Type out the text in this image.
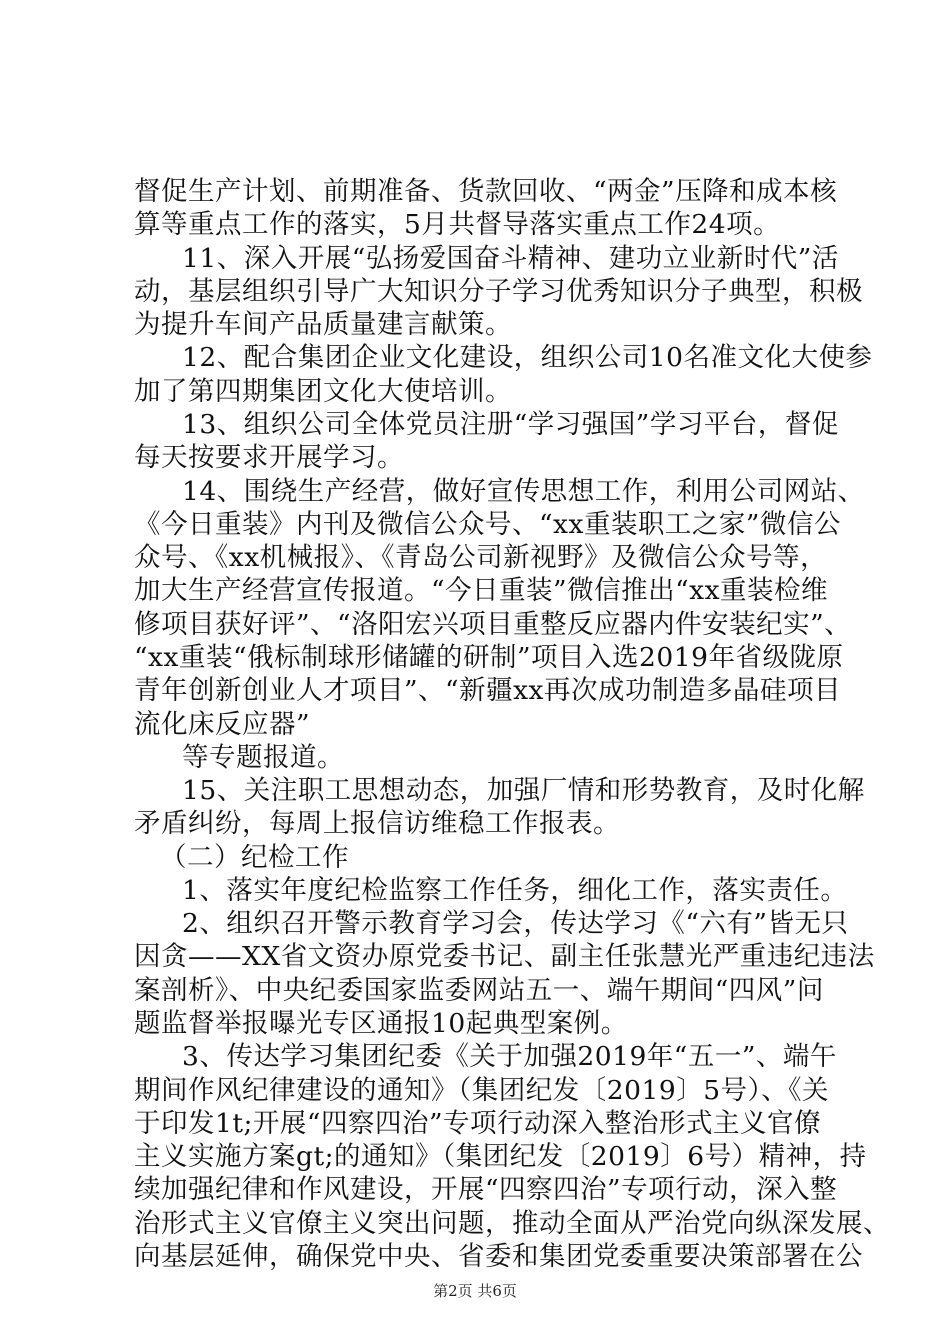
督促生产计划、前期准备、货款回收、“两金”压降和成本核
算等重点工作的落实，5月共督导落实重点工作24项。
11、深入开展“弘扬爱国奋斗精神、建功立业新时代”活
动，基层组织引导广大知识分子学习优秀知识分子典型，积极
为提升车间产品质量建言献策。
12、配合集团企业文化建设，组织公司10名准文化大使参
加了第四期集团文化大使培训。
13、组织公司全体党员注册“学习强国”学习平台，督促
每天按要求开展学习。
14、围绕生产经营，做好宣传思想工作，利用公司网站、
《今日重装》内刊及微信公众号、“xx重装职工之家”微信公
众号、《xx机械报》、《青岛公司新视野》及微信公众号等，
加大生产经营宣传报道。“今日重装”微信推出“xx重装检维
修项目获好评”、“洛阳宏兴项目重整反应器内件安装纪实”、
“xx重装“俄标制球形储罐的研制”项目入选2019年省级陇原
青年创新创业人才项目”、“新疆xx再次成功制造多晶硅项目
流化床反应器”
等专题报道。
15、关注职工思想动态，加强厂情和形势教育，及时化解
矛盾纠纷，每周上报信访维稳工作报表。
（二）纪检工作
1、落实年度纪检监察工作任务，细化工作，落实责任。
2、组织召开警示教育学习会，传达学习《“六有”皆无只
因贪——XX省文资办原党委书记、副主任张慧光严重违纪违法
案剖析》、中央纪委国家监委网站五一、端午期间“四风”问
题监督举报曝光专区通报10起典型案例。
3、传达学习集团纪委《关于加强2019年“五一”、端午
期间作风纪律建设的通知》（集团纪发〔2019〕5号）、《关
于印发1t;开展“四察四治”专项行动深入整治形式主义官僚
主义实施方案gt;的通知》（集团纪发〔2019〕6号）精神，持
续加强纪律和作风建设，开展“四察四治”专项行动，深入整
治形式主义官僚主义突出问题，推动全面从严治党向纵深发展、
向基层延伸，确保党中央、省委和集团党委重要决策部署在公
第2页 共6页
